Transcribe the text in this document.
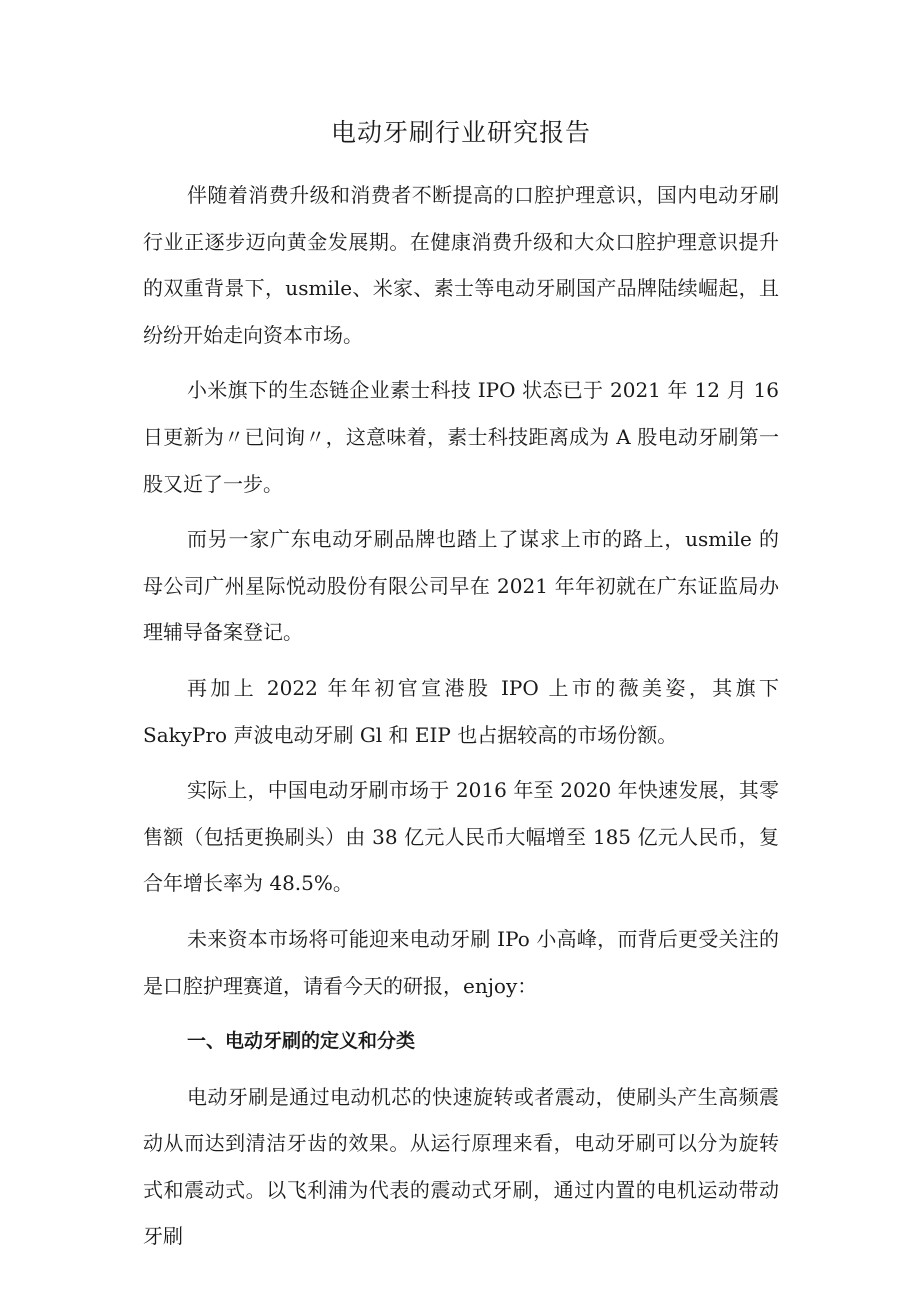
电动牙刷行业研究报告

伴随着消费升级和消费者不断提高的口腔护理意识，国内电动牙刷行业正逐步迈向黄金发展期。在健康消费升级和大众口腔护理意识提升的双重背景下，usmile、米家、素士等电动牙刷国产品牌陆续崛起，且纷纷开始走向资本市场。

小米旗下的生态链企业素士科技 IPO 状态已于 2021 年 12 月 16 日更新为〃已问询〃，这意味着，素士科技距离成为 A 股电动牙刷第一股又近了一步。

而另一家广东电动牙刷品牌也踏上了谋求上市的路上，usmile 的母公司广州星际悦动股份有限公司早在 2021 年年初就在广东证监局办理辅导备案登记。

再加上 2022 年年初官宣港股 IPO 上市的薇美姿，其旗下 SakyPro 声波电动牙刷 Gl 和 EIP 也占据较高的市场份额。

实际上，中国电动牙刷市场于 2016 年至 2020 年快速发展，其零售额（包括更换刷头）由 38 亿元人民币大幅增至 185 亿元人民币，复合年增长率为 48.5%。

未来资本市场将可能迎来电动牙刷 IPo 小高峰，而背后更受关注的是口腔护理赛道，请看今天的研报，enjoy：

一、电动牙刷的定义和分类

电动牙刷是通过电动机芯的快速旋转或者震动，使刷头产生高频震动从而达到清洁牙齿的效果。从运行原理来看，电动牙刷可以分为旋转式和震动式。以飞利浦为代表的震动式牙刷，通过内置的电机运动带动牙刷
